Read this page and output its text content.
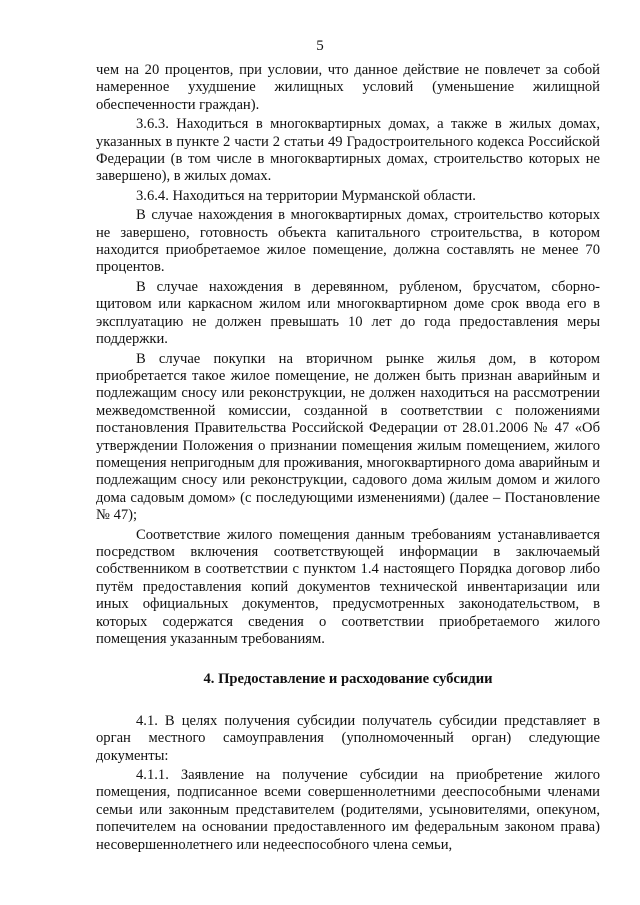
5

чем на 20 процентов, при условии, что данное действие не повлечет за собой намеренное ухудшение жилищных условий (уменьшение жилищной обеспеченности граждан).

3.6.3. Находиться в многоквартирных домах, а также в жилых домах, указанных в пункте 2 части 2 статьи 49 Градостроительного кодекса Российской Федерации (в том числе в многоквартирных домах, строительство которых не завершено), в жилых домах.

3.6.4. Находиться на территории Мурманской области.

В случае нахождения в многоквартирных домах, строительство которых не завершено, готовность объекта капитального строительства, в котором находится приобретаемое жилое помещение, должна составлять не менее 70 процентов.

В случае нахождения в деревянном, рубленом, брусчатом, сборно-щитовом или каркасном жилом или многоквартирном доме срок ввода его в эксплуатацию не должен превышать 10 лет до года предоставления меры поддержки.

В случае покупки на вторичном рынке жилья дом, в котором приобретается такое жилое помещение, не должен быть признан аварийным и подлежащим сносу или реконструкции, не должен находиться на рассмотрении межведомственной комиссии, созданной в соответствии с положениями постановления Правительства Российской Федерации от 28.01.2006 № 47 «Об утверждении Положения о признании помещения жилым помещением, жилого помещения непригодным для проживания, многоквартирного дома аварийным и подлежащим сносу или реконструкции, садового дома жилым домом и жилого дома садовым домом» (с последующими изменениями) (далее – Постановление № 47);

Соответствие жилого помещения данным требованиям устанавливается посредством включения соответствующей информации в заключаемый собственником в соответствии с пунктом 1.4 настоящего Порядка договор либо путём предоставления копий документов технической инвентаризации или иных официальных документов, предусмотренных законодательством, в которых содержатся сведения о соответствии приобретаемого жилого помещения указанным требованиям.

4. Предоставление и расходование субсидии

4.1. В целях получения субсидии получатель субсидии представляет в орган местного самоуправления (уполномоченный орган) следующие документы:

4.1.1. Заявление на получение субсидии на приобретение жилого помещения, подписанное всеми совершеннолетними дееспособными членами семьи или законным представителем (родителями, усыновителями, опекуном, попечителем на основании предоставленного им федеральным законом права) несовершеннолетнего или недееспособного члена семьи,
